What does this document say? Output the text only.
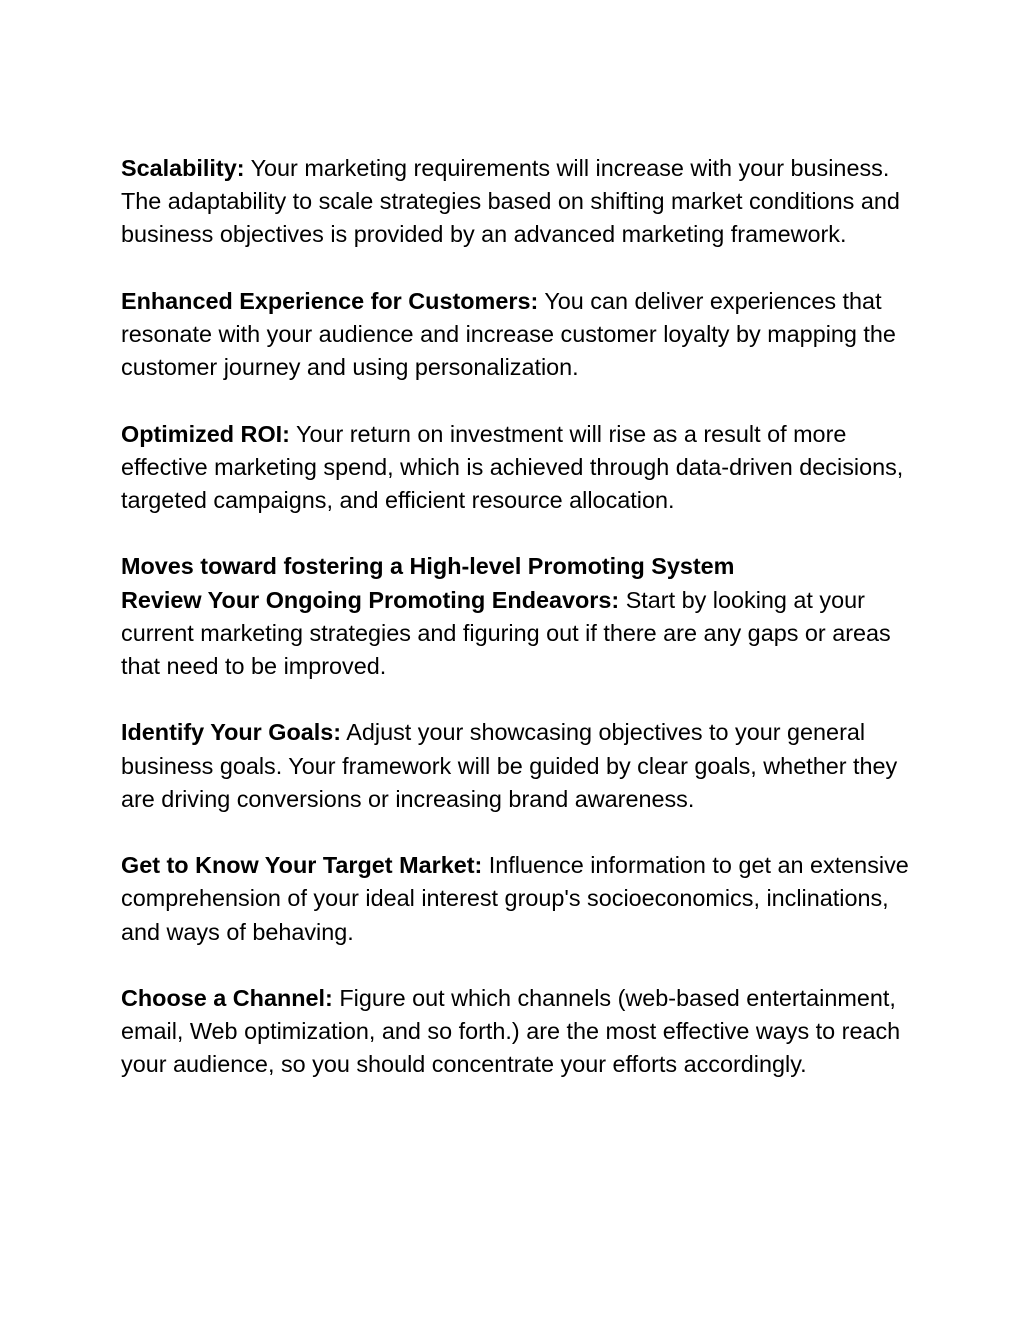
Scalability: Your marketing requirements will increase with your business. The adaptability to scale strategies based on shifting market conditions and business objectives is provided by an advanced marketing framework.

Enhanced Experience for Customers: You can deliver experiences that resonate with your audience and increase customer loyalty by mapping the customer journey and using personalization.

Optimized ROI: Your return on investment will rise as a result of more effective marketing spend, which is achieved through data-driven decisions, targeted campaigns, and efficient resource allocation.

Moves toward fostering a High-level Promoting System
Review Your Ongoing Promoting Endeavors: Start by looking at your current marketing strategies and figuring out if there are any gaps or areas that need to be improved.

Identify Your Goals: Adjust your showcasing objectives to your general business goals. Your framework will be guided by clear goals, whether they are driving conversions or increasing brand awareness.

Get to Know Your Target Market: Influence information to get an extensive comprehension of your ideal interest group's socioeconomics, inclinations, and ways of behaving.

Choose a Channel: Figure out which channels (web-based entertainment, email, Web optimization, and so forth.) are the most effective ways to reach your audience, so you should concentrate your efforts accordingly.
